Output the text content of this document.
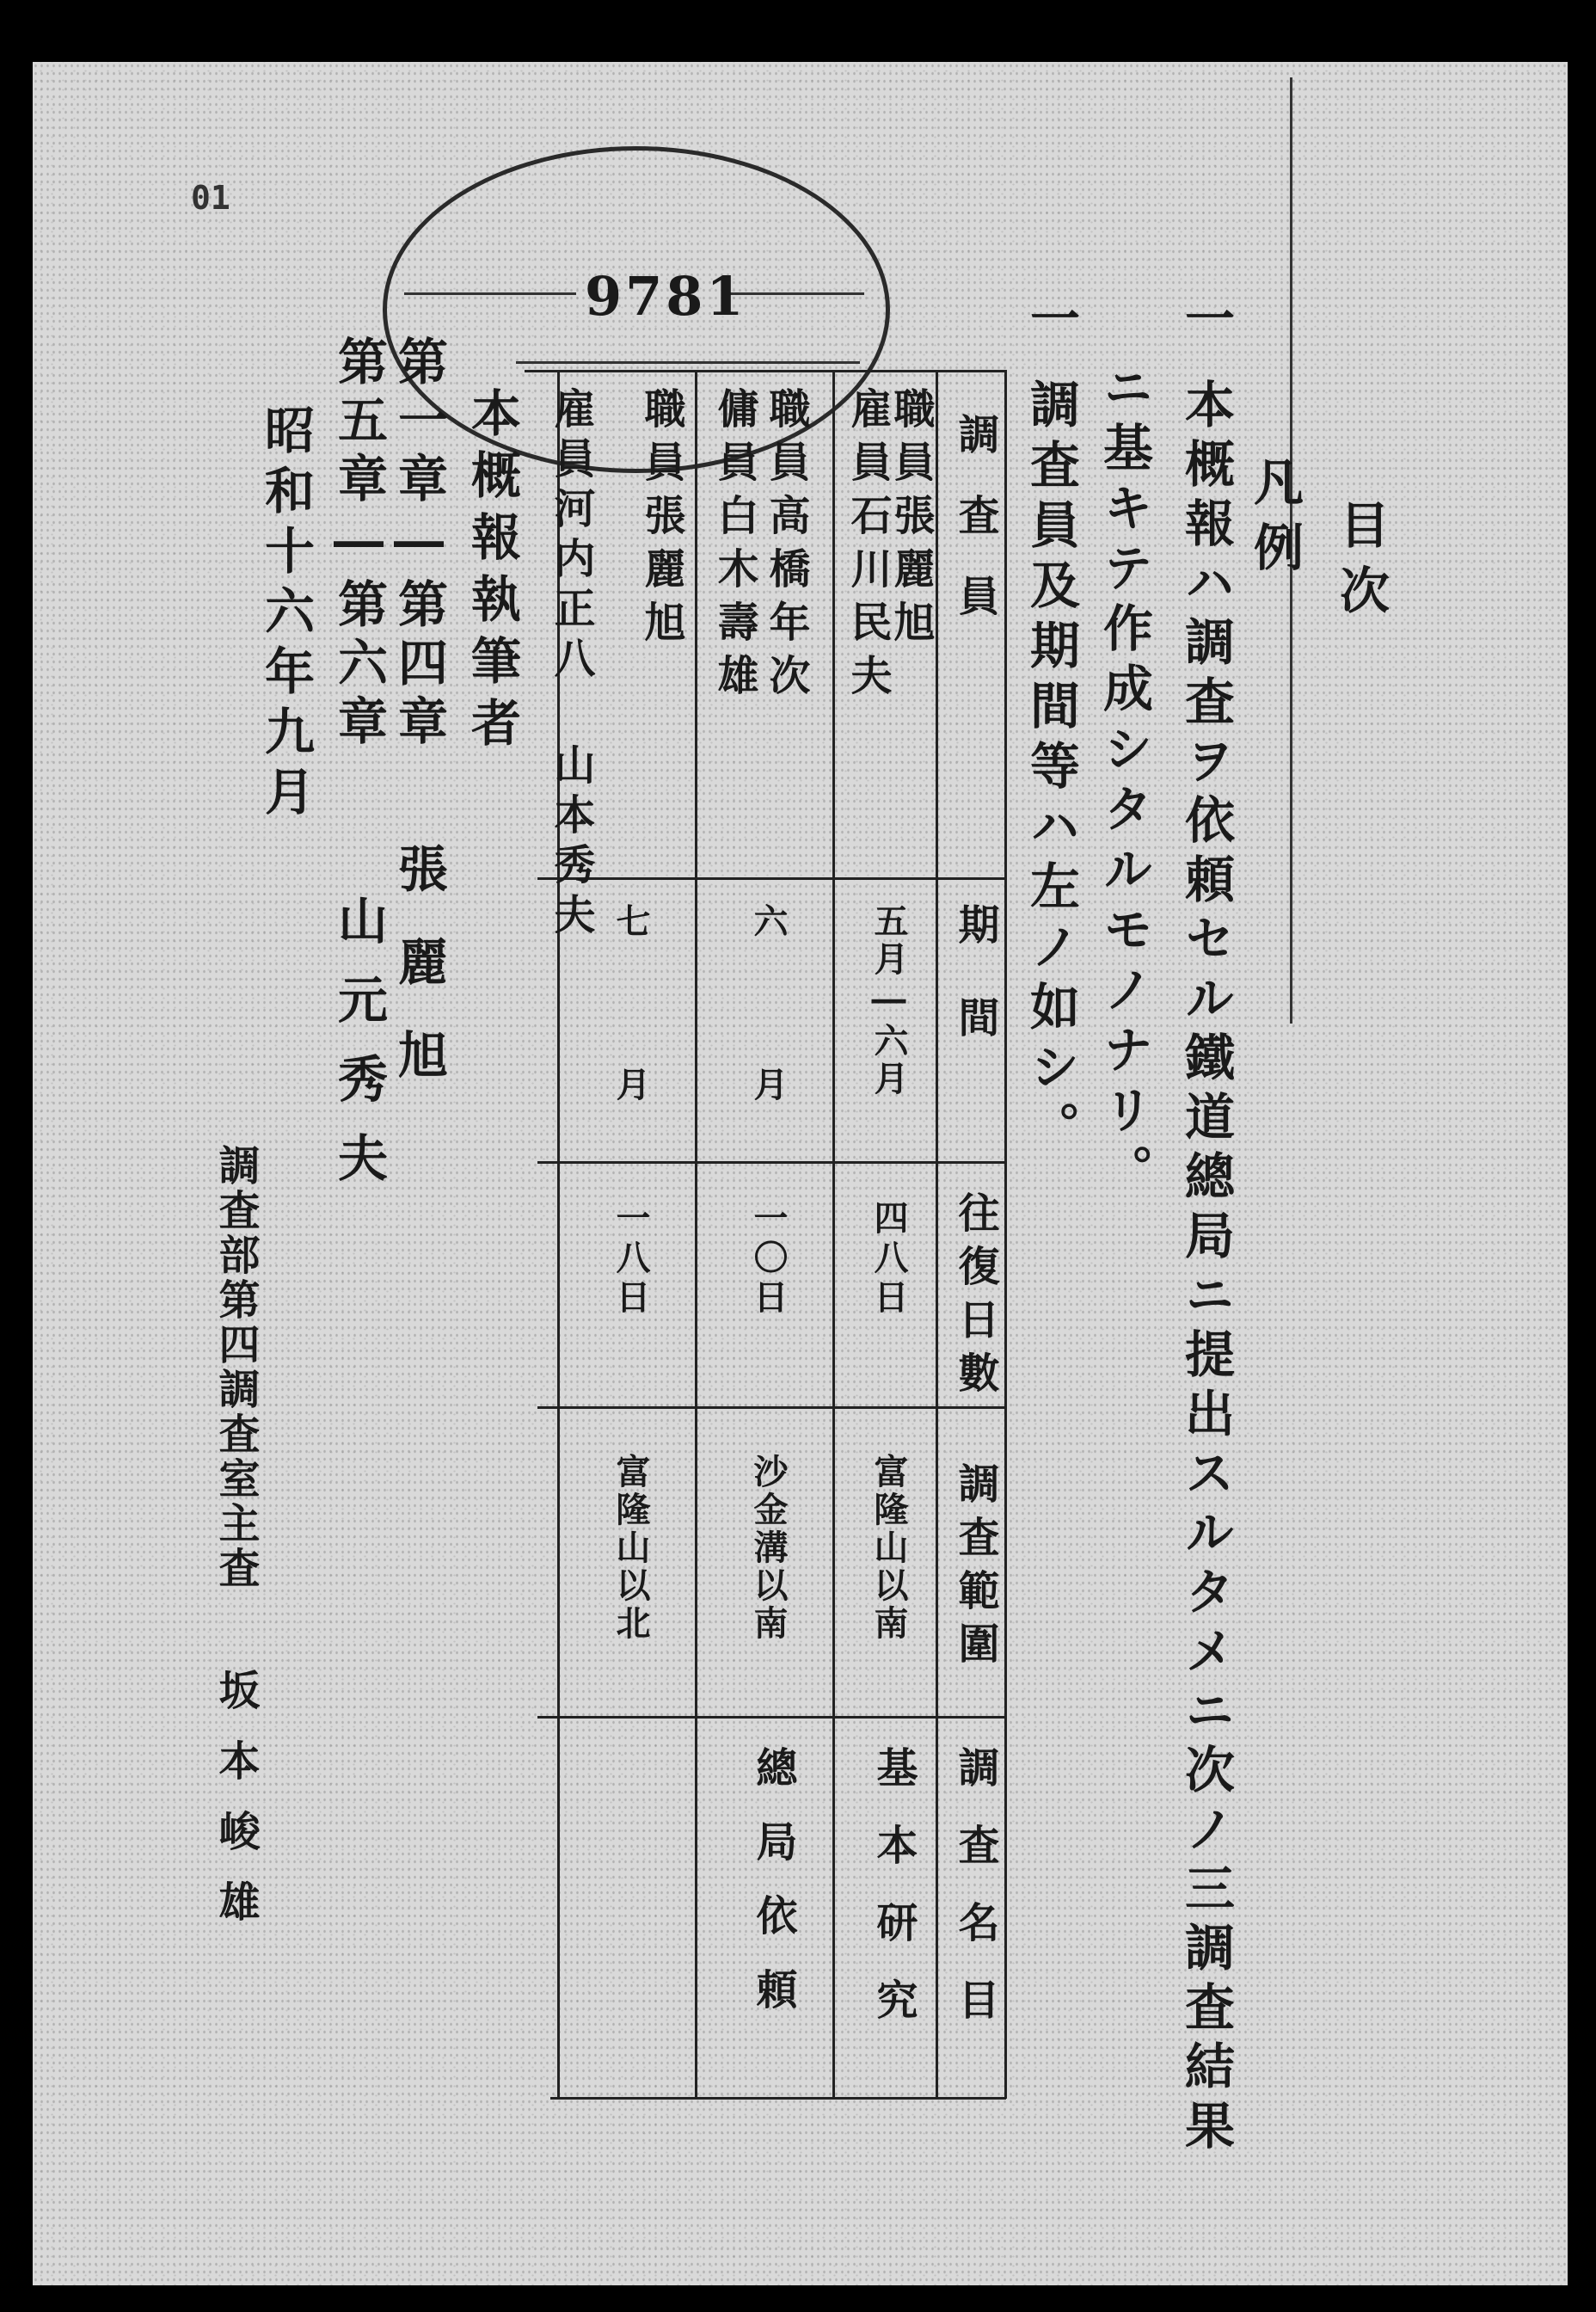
01
9781
目次
凡例
一
本概報ハ調査ヲ依頼セル鐵道總局ニ提出スルタメニ次ノ三調査結果
ニ基キテ作成シタルモノナリ。
一
調査員及期間等ハ左ノ如シ。
調査員
期間
往復日數
調査範圍
調査名目
職員張麗旭
雇員石川民夫
五月―六月
四八日
富隆山以南
基本研究
職員高橋年次
傭員白木壽雄
六月
一〇日
沙金溝以南
總局依頼
職員張麗旭
雇員河内正八 山本秀夫
七月
一八日
富隆山以北
本概報執筆者
第一章―第四章
張麗旭
第五章―第六章
山元秀夫
昭和十六年九月
調査部第四調査室主査
坂本峻雄
